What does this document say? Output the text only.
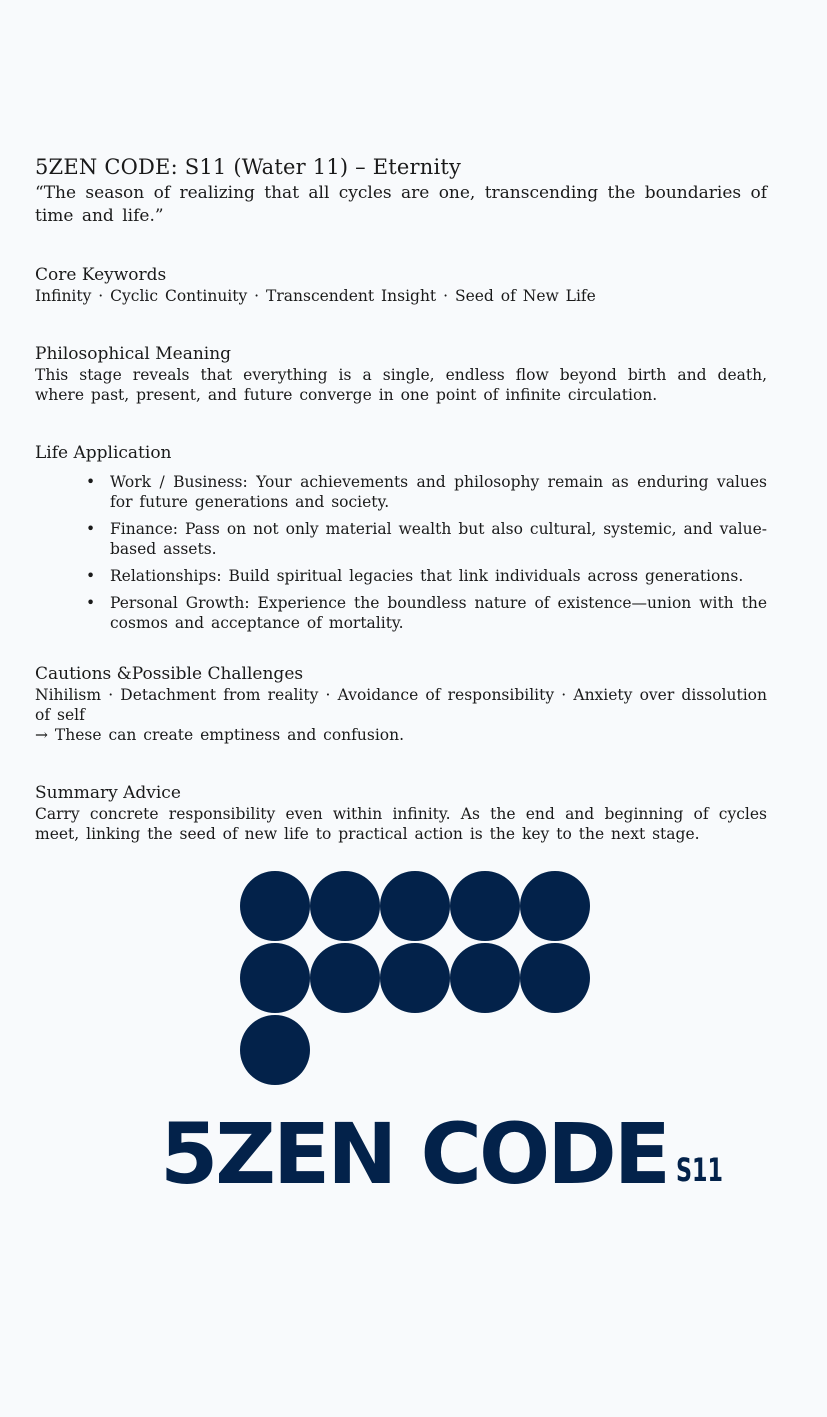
5ZEN CODE: S11 (Water 11) – Eternity

“The season of realizing that all cycles are one, transcending the boundaries of time and life.”

Core Keywords

Infinity · Cyclic Continuity · Transcendent Insight · Seed of New Life

Philosophical Meaning

This stage reveals that everything is a single, endless flow beyond birth and death, where past, present, and future converge in one point of infinite circulation.

Life Application
• Work / Business: Your achievements and philosophy remain as enduring values for future generations and society.
• Finance: Pass on not only material wealth but also cultural, systemic, and value-based assets.
• Relationships: Build spiritual legacies that link individuals across generations.
• Personal Growth: Experience the boundless nature of existence—union with the cosmos and acceptance of mortality.
Cautions &Possible Challenges

Nihilism · Detachment from reality · Avoidance of responsibility · Anxiety over dissolution of self

→ These can create emptiness and confusion.

Summary Advice

Carry concrete responsibility even within infinity. As the end and beginning of cycles meet, linking the seed of new life to practical action is the key to the next stage.

5ZEN CODE S11
